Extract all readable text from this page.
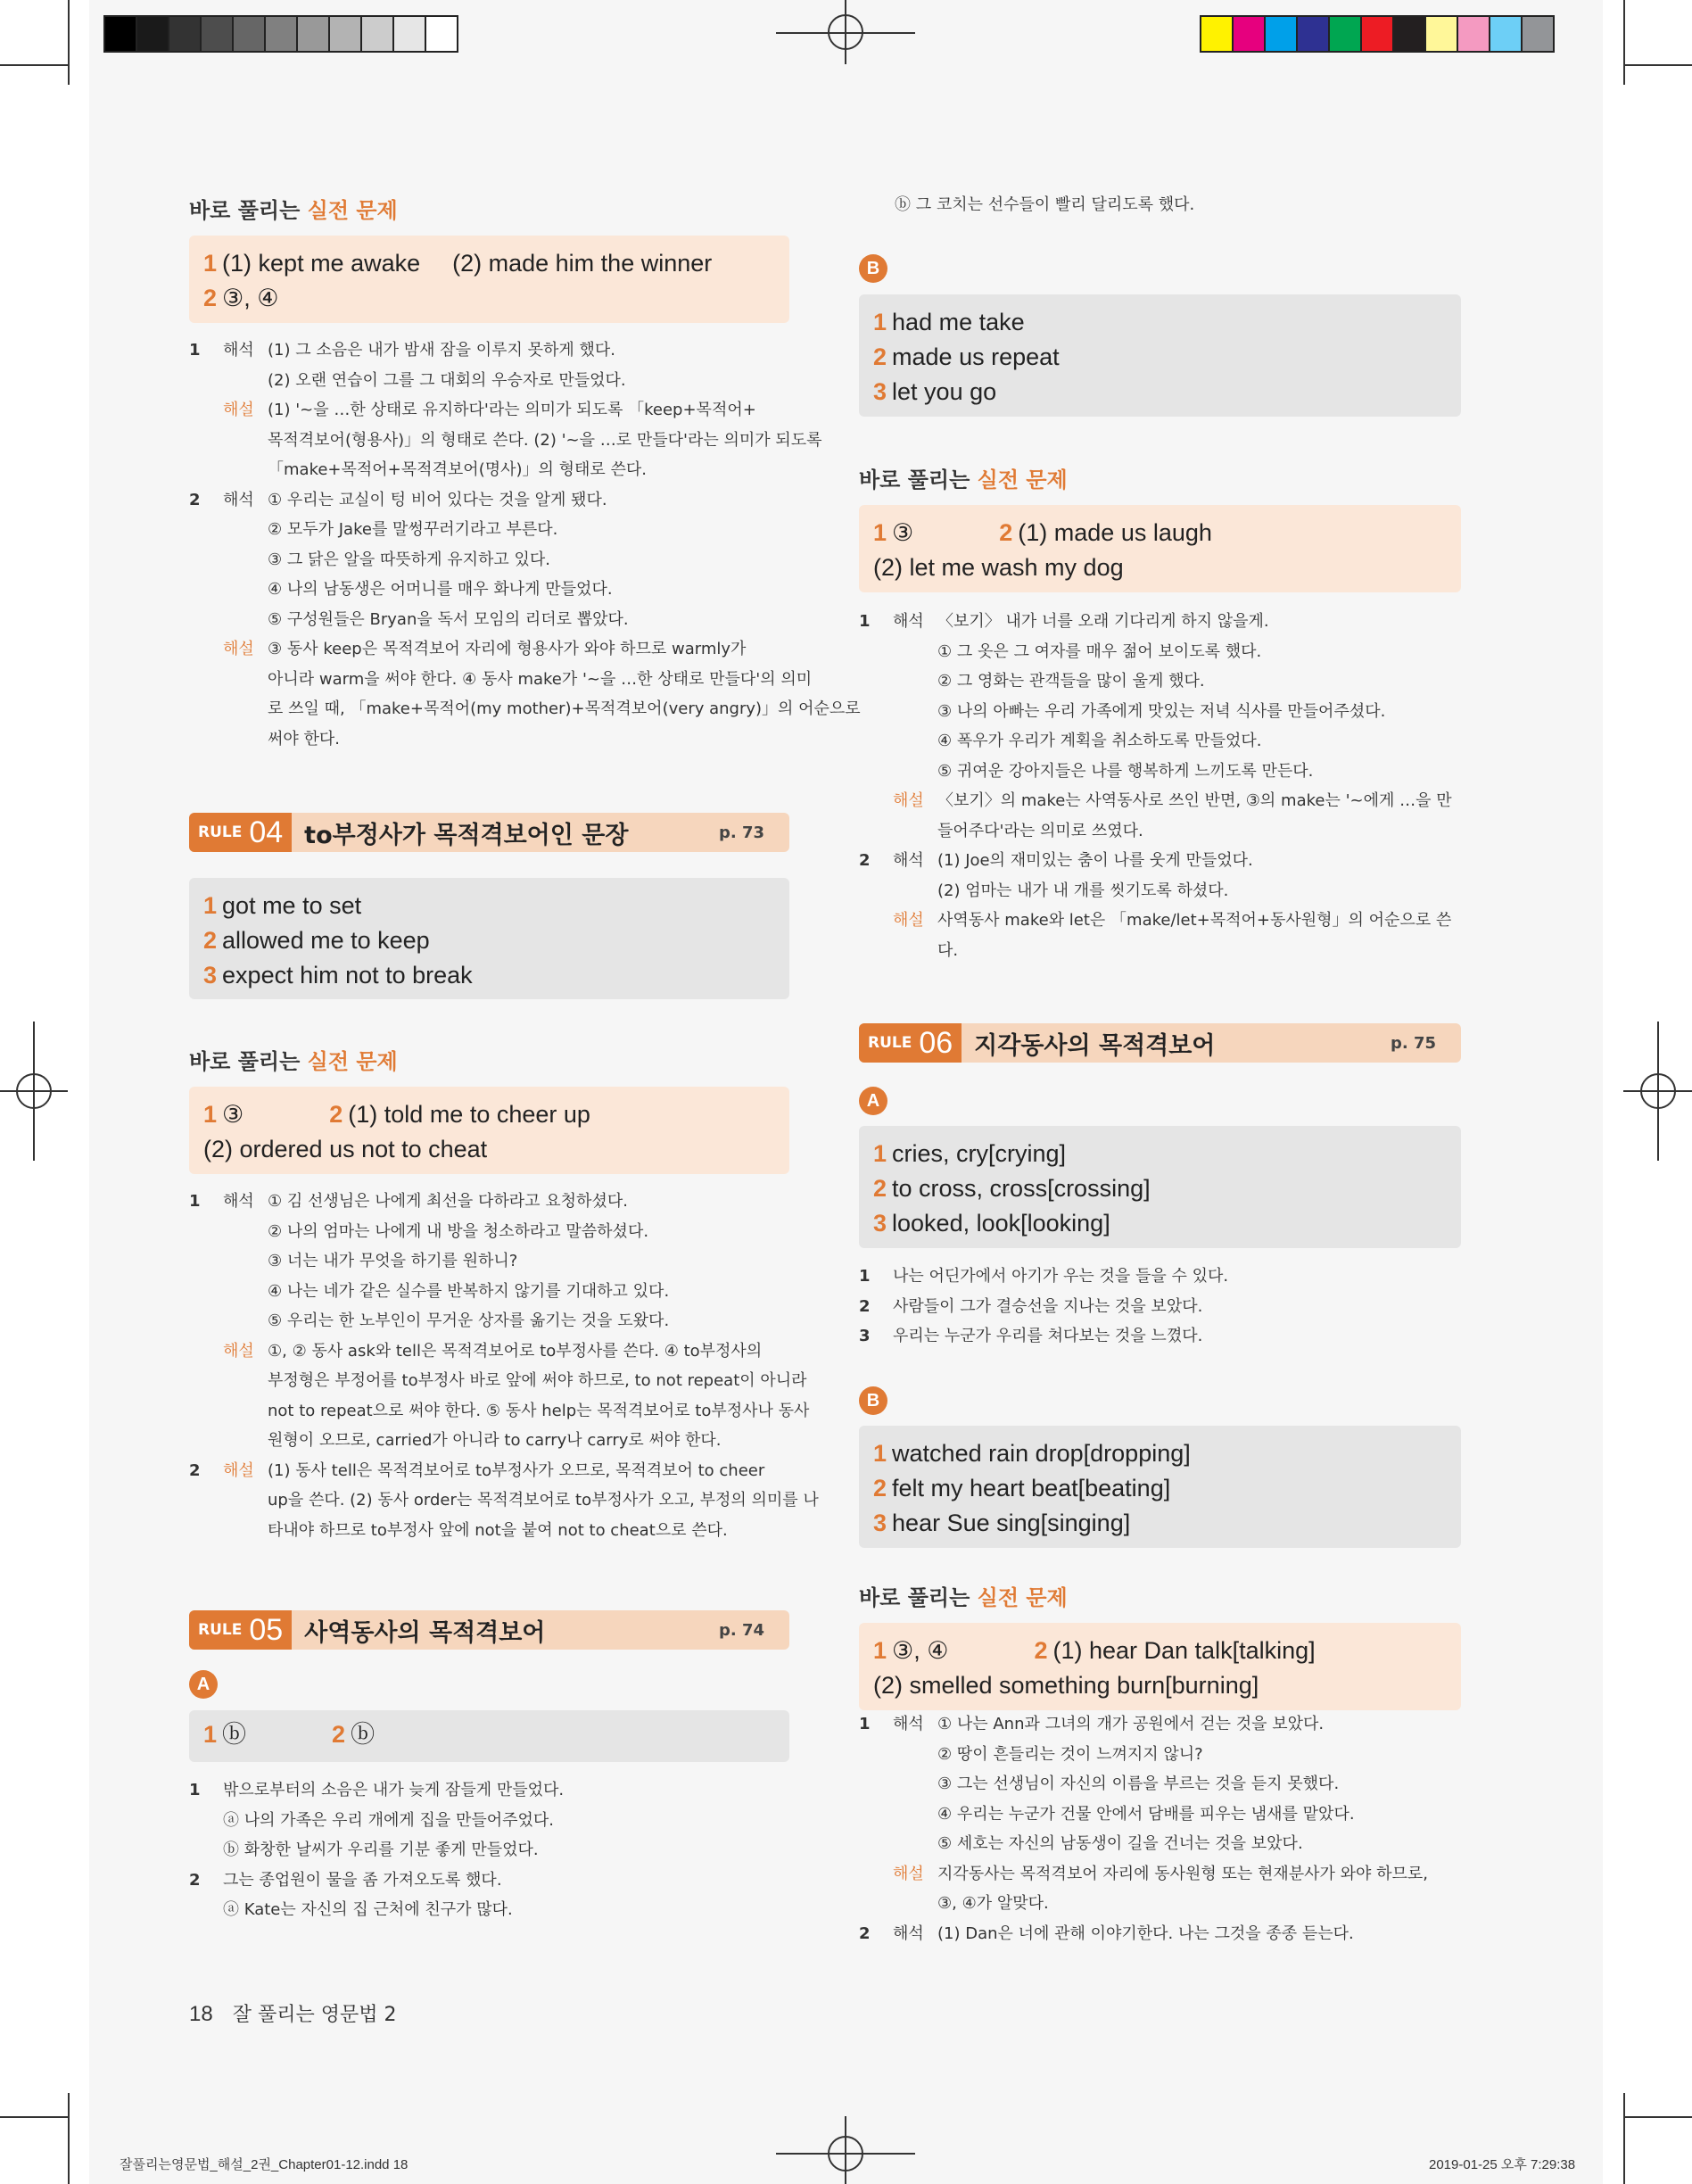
바로 풀리는 실전 문제
1 (1) kept me awake (2) made him the winner
2 ③, ④
1	해석 (1) 그 소음은 내가 밤새 잠을 이루지 못하게 했다.
(2) 오랜 연습이 그를 그 대회의 우승자로 만들었다.
해설 (1) '~을 …한 상태로 유지하다'라는 의미가 되도록 「keep+목적어+
목적격보어(형용사)」의 형태로 쓴다. (2) '~을 …로 만들다'라는 의미가 되도록
「make+목적어+목적격보어(명사)」의 형태로 쓴다.
2	해석 ① 우리는 교실이 텅 비어 있다는 것을 알게 됐다.
② 모두가 Jake를 말썽꾸러기라고 부른다.
③ 그 닭은 알을 따뜻하게 유지하고 있다.
④ 나의 남동생은 어머니를 매우 화나게 만들었다.
⑤ 구성원들은 Bryan을 독서 모임의 리더로 뽑았다.
해설 ③ 동사 keep은 목적격보어 자리에 형용사가 와야 하므로 warmly가
아니라 warm을 써야 한다. ④ 동사 make가 '~을 …한 상태로 만들다'의 의미
로 쓰일 때, 「make+목적어(my mother)+목적격보어(very angry)」의 어순으로
써야 한다.
RULE 04 to부정사가 목적격보어인 문장	p. 73
1 got me to set
2 allowed me to keep
3 expect him not to break
바로 풀리는 실전 문제
1 ③	2 (1) told me to cheer up
(2) ordered us not to cheat
1	해석 ① 김 선생님은 나에게 최선을 다하라고 요청하셨다.
② 나의 엄마는 나에게 내 방을 청소하라고 말씀하셨다.
③ 너는 내가 무엇을 하기를 원하니?
④ 나는 네가 같은 실수를 반복하지 않기를 기대하고 있다.
⑤ 우리는 한 노부인이 무거운 상자를 옮기는 것을 도왔다.
해설 ①, ② 동사 ask와 tell은 목적격보어로 to부정사를 쓴다. ④ to부정사의
부정형은 부정어를 to부정사 바로 앞에 써야 하므로, to not repeat이 아니라
not to repeat으로 써야 한다. ⑤ 동사 help는 목적격보어로 to부정사나 동사
원형이 오므로, carried가 아니라 to carry나 carry로 써야 한다.
2	해설 (1) 동사 tell은 목적격보어로 to부정사가 오므로, 목적격보어 to cheer
up을 쓴다. (2) 동사 order는 목적격보어로 to부정사가 오고, 부정의 의미를 나
타내야 하므로 to부정사 앞에 not을 붙여 not to cheat으로 쓴다.
RULE 05 사역동사의 목적격보어	p. 74
A
1 ⓑ	2 ⓑ
1	밖으로부터의 소음은 내가 늦게 잠들게 만들었다.
ⓐ 나의 가족은 우리 개에게 집을 만들어주었다.
ⓑ 화창한 날씨가 우리를 기분 좋게 만들었다.
2	그는 종업원이 물을 좀 가져오도록 했다.
ⓐ Kate는 자신의 집 근처에 친구가 많다.
ⓑ 그 코치는 선수들이 빨리 달리도록 했다.
B
1 had me take
2 made us repeat
3 let you go
바로 풀리는 실전 문제
1 ③	2 (1) made us laugh
(2) let me wash my dog
1	해석 〈보기〉 내가 너를 오래 기다리게 하지 않을게.
① 그 옷은 그 여자를 매우 젊어 보이도록 했다.
② 그 영화는 관객들을 많이 울게 했다.
③ 나의 아빠는 우리 가족에게 맛있는 저녁 식사를 만들어주셨다.
④ 폭우가 우리가 계획을 취소하도록 만들었다.
⑤ 귀여운 강아지들은 나를 행복하게 느끼도록 만든다.
해설 〈보기〉의 make는 사역동사로 쓰인 반면, ③의 make는 '~에게 …을 만
들어주다'라는 의미로 쓰였다.
2	해석 (1) Joe의 재미있는 춤이 나를 웃게 만들었다.
(2) 엄마는 내가 내 개를 씻기도록 하셨다.
해설 사역동사 make와 let은 「make/let+목적어+동사원형」의 어순으로 쓴
다.
RULE 06 지각동사의 목적격보어	p. 75
A
1 cries, cry[crying]
2 to cross, cross[crossing]
3 looked, look[looking]
1	나는 어딘가에서 아기가 우는 것을 들을 수 있다.
2	사람들이 그가 결승선을 지나는 것을 보았다.
3	우리는 누군가 우리를 쳐다보는 것을 느꼈다.
B
1 watched rain drop[dropping]
2 felt my heart beat[beating]
3 hear Sue sing[singing]
바로 풀리는 실전 문제
1 ③, ④	2 (1) hear Dan talk[talking]
(2) smelled something burn[burning]
1	해석 ① 나는 Ann과 그녀의 개가 공원에서 걷는 것을 보았다.
② 땅이 흔들리는 것이 느껴지지 않니?
③ 그는 선생님이 자신의 이름을 부르는 것을 듣지 못했다.
④ 우리는 누군가 건물 안에서 담배를 피우는 냄새를 맡았다.
⑤ 세호는 자신의 남동생이 길을 건너는 것을 보았다.
해설 지각동사는 목적격보어 자리에 동사원형 또는 현재분사가 와야 하므로,
③, ④가 알맞다.
2	해석 (1) Dan은 너에 관해 이야기한다. 나는 그것을 종종 듣는다.
18 잘 풀리는 영문법 2
잘풀리는영문법_해설_2권_Chapter01-12.indd 18	2019-01-25 오후 7:29:38
